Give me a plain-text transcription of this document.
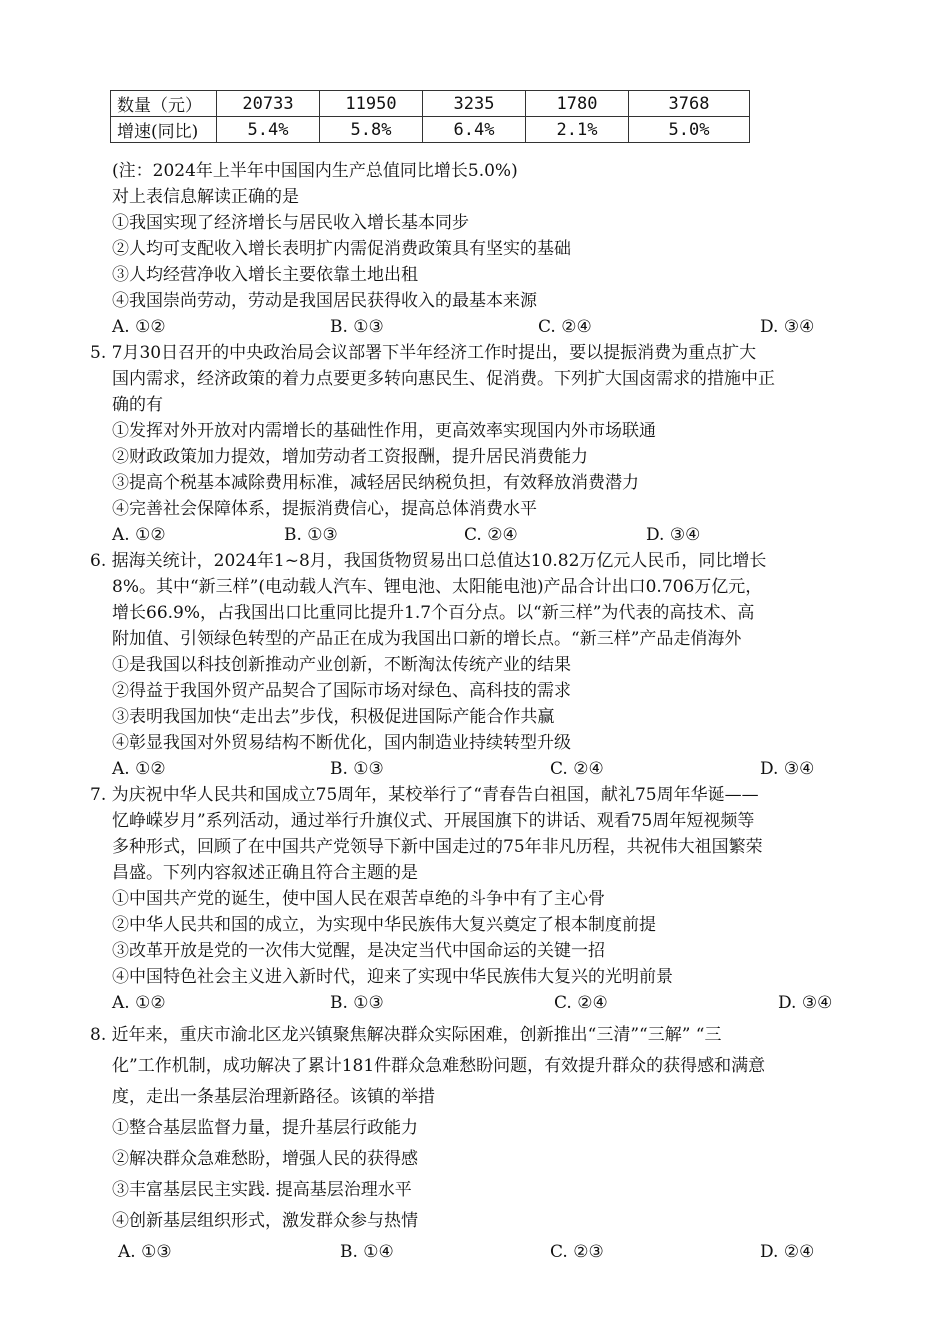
数量（元）	20733	11950	3235	1780	3768
增速(同比)	5.4%	5.8%	6.4%	2.1%	5.0%
(注：2024年上半年中国国内生产总值同比增长5.0%)
对上表信息解读正确的是
①我国实现了经济增长与居民收入增长基本同步
②人均可支配收入增长表明扩内需促消费政策具有坚实的基础
③人均经营净收入增长主要依靠土地出租
④我国崇尚劳动，劳动是我国居民获得收入的最基本来源
A. ①②	B. ①③	C. ②④	D. ③④
5. 7月30日召开的中央政治局会议部署下半年经济工作时提出，要以提振消费为重点扩大
国内需求，经济政策的着力点要更多转向惠民生、促消费。下列扩大国卤需求的措施中正
确的有
①发挥对外开放对内需增长的基础性作用，更高效率实现国内外市场联通
②财政政策加力提效，增加劳动者工资报酬，提升居民消费能力
③提高个税基本减除费用标准，减轻居民纳税负担，有效释放消费潜力
④完善社会保障体系，提振消费信心，提高总体消费水平
A. ①②	B. ①③	C. ②④	D. ③④
6. 据海关统计，2024年1~8月，我国货物贸易出口总值达10.82万亿元人民币，同比增长
8%。其中“新三样”(电动载人汽车、锂电池、太阳能电池)产品合计出口0.706万亿元，
增长66.9%，占我国出口比重同比提升1.7个百分点。以“新三样”为代表的高技术、高
附加值、引领绿色转型的产品正在成为我国出口新的增长点。“新三样”产品走俏海外
①是我国以科技创新推动产业创新，不断淘汰传统产业的结果
②得益于我国外贸产品契合了国际市场对绿色、高科技的需求
③表明我国加快“走出去”步伐，积极促进国际产能合作共赢
④彰显我国对外贸易结构不断优化，国内制造业持续转型升级
A. ①②	B. ①③	C. ②④	D. ③④
7. 为庆祝中华人民共和国成立75周年，某校举行了“青春告白祖国，献礼75周年华诞——
忆峥嵘岁月”系列活动，通过举行升旗仪式、开展国旗下的讲话、观看75周年短视频等
多种形式，回顾了在中国共产党领导下新中国走过的75年非凡历程，共祝伟大祖国繁荣
昌盛。下列内容叙述正确且符合主题的是
①中国共产党的诞生，使中国人民在艰苦卓绝的斗争中有了主心骨
②中华人民共和国的成立，为实现中华民族伟大复兴奠定了根本制度前提
③改革开放是党的一次伟大觉醒，是决定当代中国命运的关键一招
④中国特色社会主义进入新时代，迎来了实现中华民族伟大复兴的光明前景
A. ①②	B. ①③	C. ②④	D. ③④
8. 近年来，重庆市渝北区龙兴镇聚焦解决群众实际困难，创新推出“三清”“三解” “三
化”工作机制，成功解决了累计181件群众急难愁盼问题，有效提升群众的获得感和满意
度，走出一条基层治理新路径。该镇的举措
①整合基层监督力量，提升基层行政能力
②解决群众急难愁盼，增强人民的获得感
③丰富基层民主实践. 提高基层治理水平
④创新基层组织形式，激发群众参与热情
A. ①③	B. ①④	C. ②③	D. ②④
